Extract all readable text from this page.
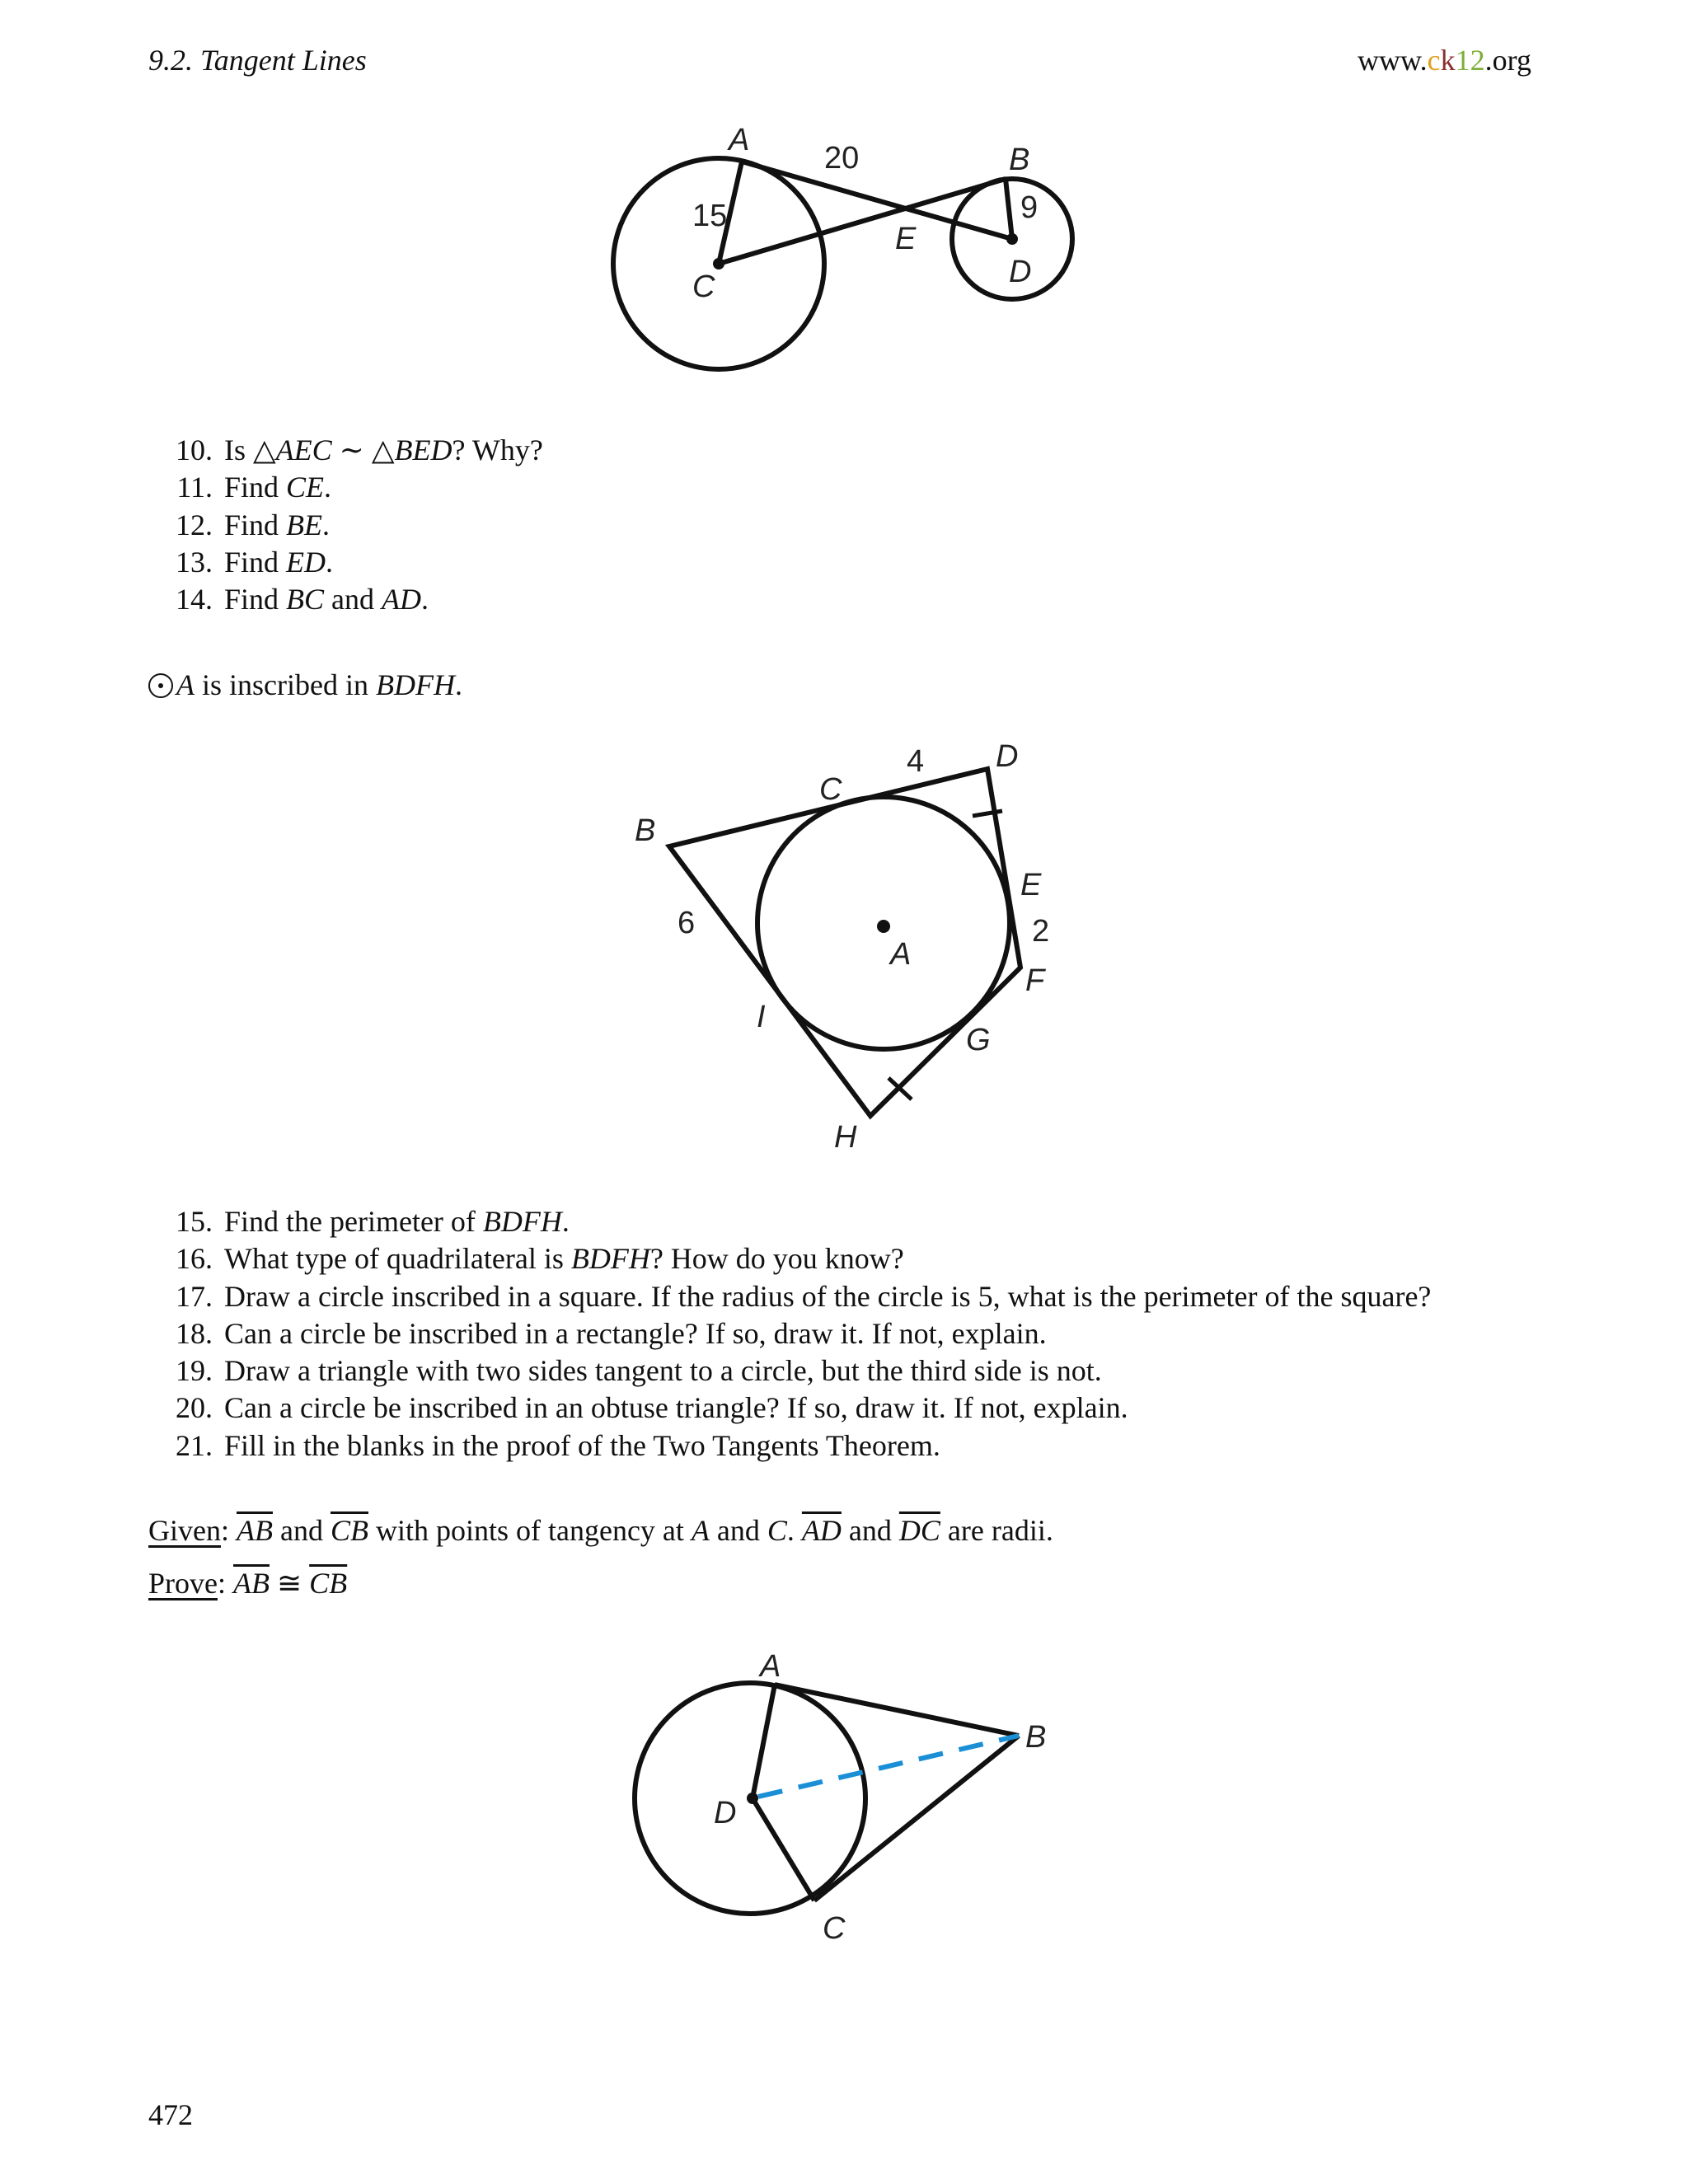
9.2. Tangent Lines	www.ck12.org
A
B
C	D
E
15
20
9
10. Is △AEC ∼ △BED? Why?
11. Find CE.
12. Find BE.
13. Find ED.
14. Find BC and AD.
A is inscribed in BDFH.
A
B
C
D
E
F
G
H
I
4
2
6
15. Find the perimeter of BDFH.
16. What type of quadrilateral is BDFH? How do you know?
17. Draw a circle inscribed in a square. If the radius of the circle is 5, what is the perimeter of the square?
18. Can a circle be inscribed in a rectangle? If so, draw it. If not, explain.
19. Draw a triangle with two sides tangent to a circle, but the third side is not.
20. Can a circle be inscribed in an obtuse triangle? If so, draw it. If not, explain.
21. Fill in the blanks in the proof of the Two Tangents Theorem.
Given: $\overline{AB}$ and $\overline{CB}$ with points of tangency at A and C. $\overline{AD}$ and $\overline{DC}$ are radii.
Prove: $\overline{AB}$ ≅ $\overline{CB}$
A
B
C
D
472
